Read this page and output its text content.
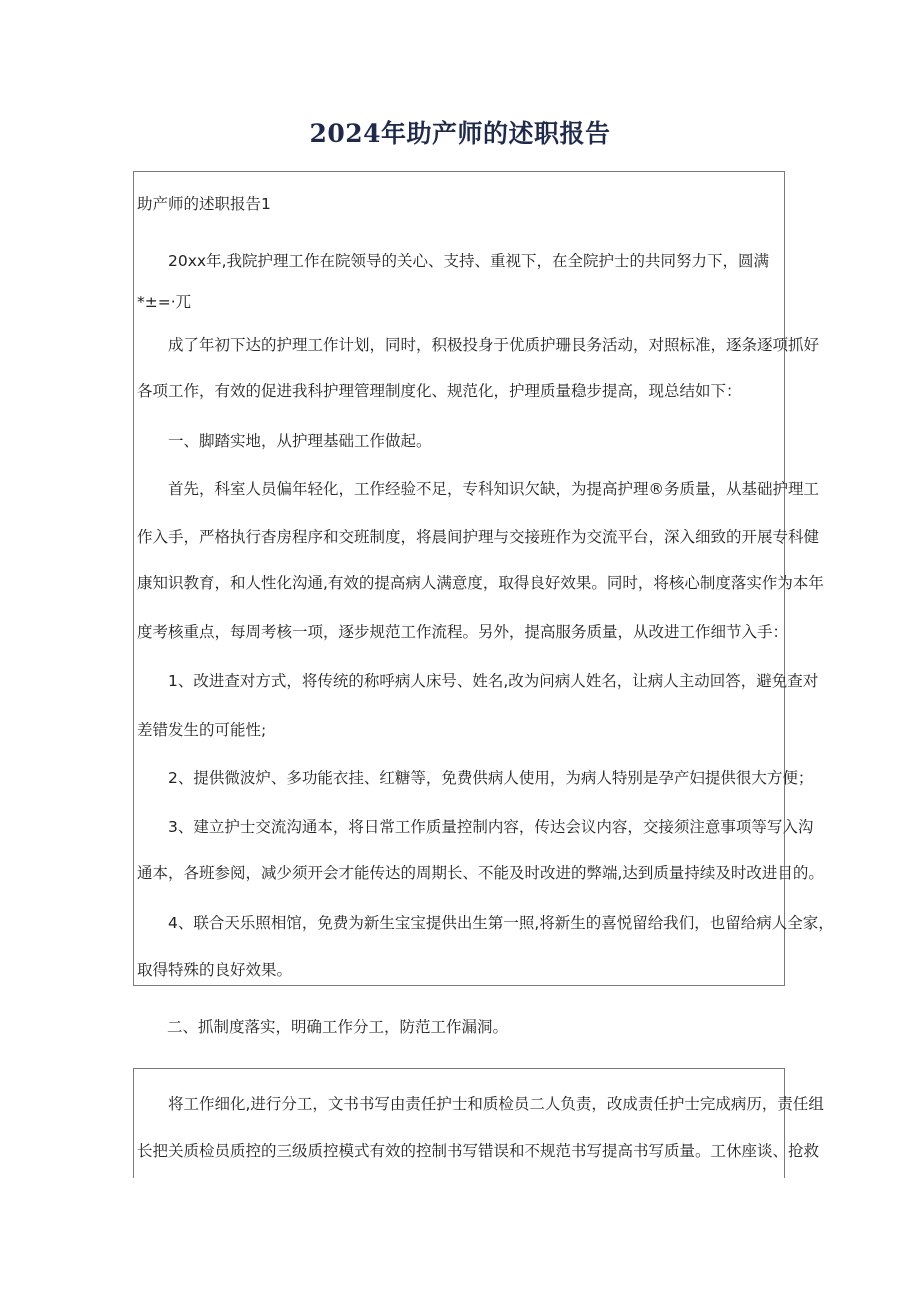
2024年助产师的述职报告
助产师的述职报告1
20xx年,我院护理工作在院领导的关心、支持、重视下，在全院护士的共同努力下，圆满
*±=·兀
成了年初下达的护理工作计划，同时，积极投身于优质护珊艮务活动，对照标准，逐条逐项抓好
各项工作，有效的促进我科护理管理制度化、规范化，护理质量稳步提高，现总结如下：
一、脚踏实地，从护理基础工作做起。
首先，科室人员偏年轻化，工作经验不足，专科知识欠缺，为提高护理®务质量，从基础护理工
作入手，严格执行杳房程序和交班制度，将晨间护理与交接班作为交流平台，深入细致的开展专科健
康知识教育，和人性化沟通,有效的提高病人满意度，取得良好效果。同时，将核心制度落实作为本年
度考核重点，每周考核一项，逐步规范工作流程。另外，提高服务质量，从改进工作细节入手：
1、改进查对方式，将传统的称呼病人床号、姓名,改为问病人姓名，让病人主动回答，避免查对
差错发生的可能性;
2、提供微波炉、多功能衣挂、红糖等，免费供病人使用，为病人特别是孕产妇提供很大方便；
3、建立护士交流沟通本，将日常工作质量控制内容，传达会议内容，交接须注意事项等写入沟
通本，各班参阅，减少须开会才能传达的周期长、不能及时改进的弊端,达到质量持续及时改进目的。
4、联合天乐照相馆，免费为新生宝宝提供出生第一照,将新生的喜悦留给我们，也留给病人全家，
取得特殊的良好效果。
二、抓制度落实，明确工作分工，防范工作漏洞。
将工作细化,进行分工，文书书写由责任护士和质检员二人负责，改成责任护士完成病历，责任组
长把关质检员质控的三级质控模式有效的控制书写错误和不规范书写提高书写质量。工休座谈、抢救
